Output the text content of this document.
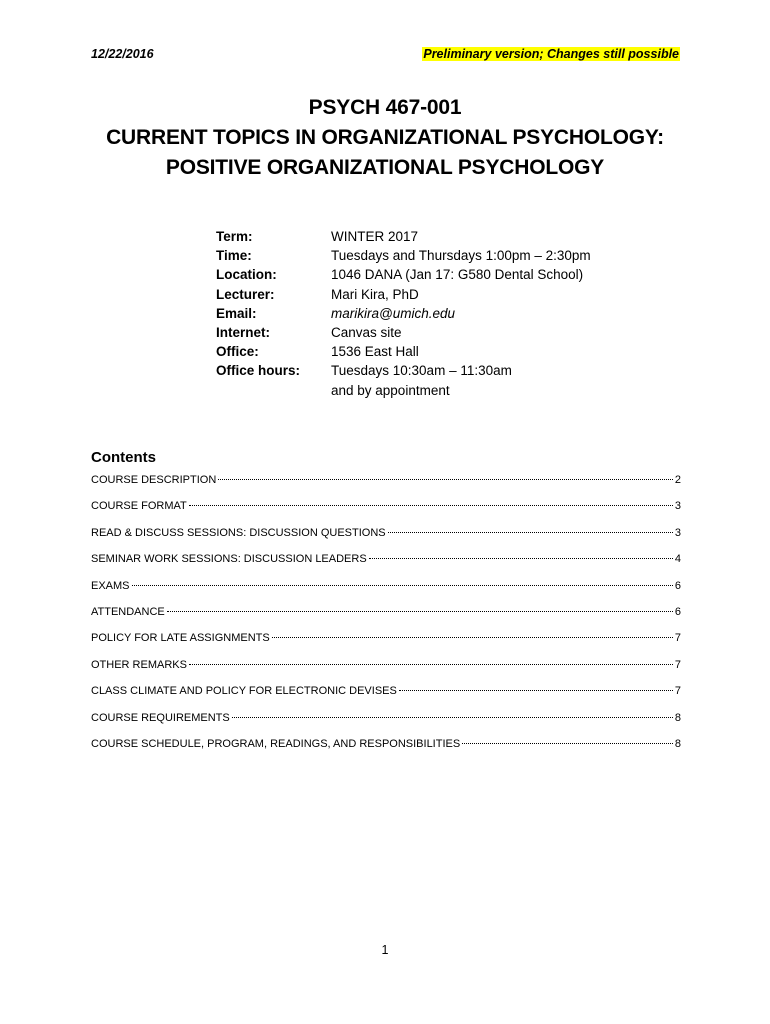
12/22/2016	Preliminary version; Changes still possible
PSYCH 467-001
CURRENT TOPICS IN ORGANIZATIONAL PSYCHOLOGY:
POSITIVE ORGANIZATIONAL PSYCHOLOGY
Term:	WINTER 2017
Time:	Tuesdays and Thursdays 1:00pm – 2:30pm
Location:	1046 DANA (Jan 17: G580 Dental School)
Lecturer:	Mari Kira, PhD
Email:	marikira@umich.edu
Internet:	Canvas site
Office:	1536 East Hall
Office hours:	Tuesdays 10:30am – 11:30am
and by appointment
Contents
COURSE DESCRIPTION	2
COURSE FORMAT	3
READ & DISCUSS SESSIONS: DISCUSSION QUESTIONS	3
SEMINAR WORK SESSIONS: DISCUSSION LEADERS	4
EXAMS	6
ATTENDANCE	6
POLICY FOR LATE ASSIGNMENTS	7
OTHER REMARKS	7
CLASS CLIMATE AND POLICY FOR ELECTRONIC DEVISES	7
COURSE REQUIREMENTS	8
COURSE SCHEDULE, PROGRAM, READINGS, AND RESPONSIBILITIES	8
1
